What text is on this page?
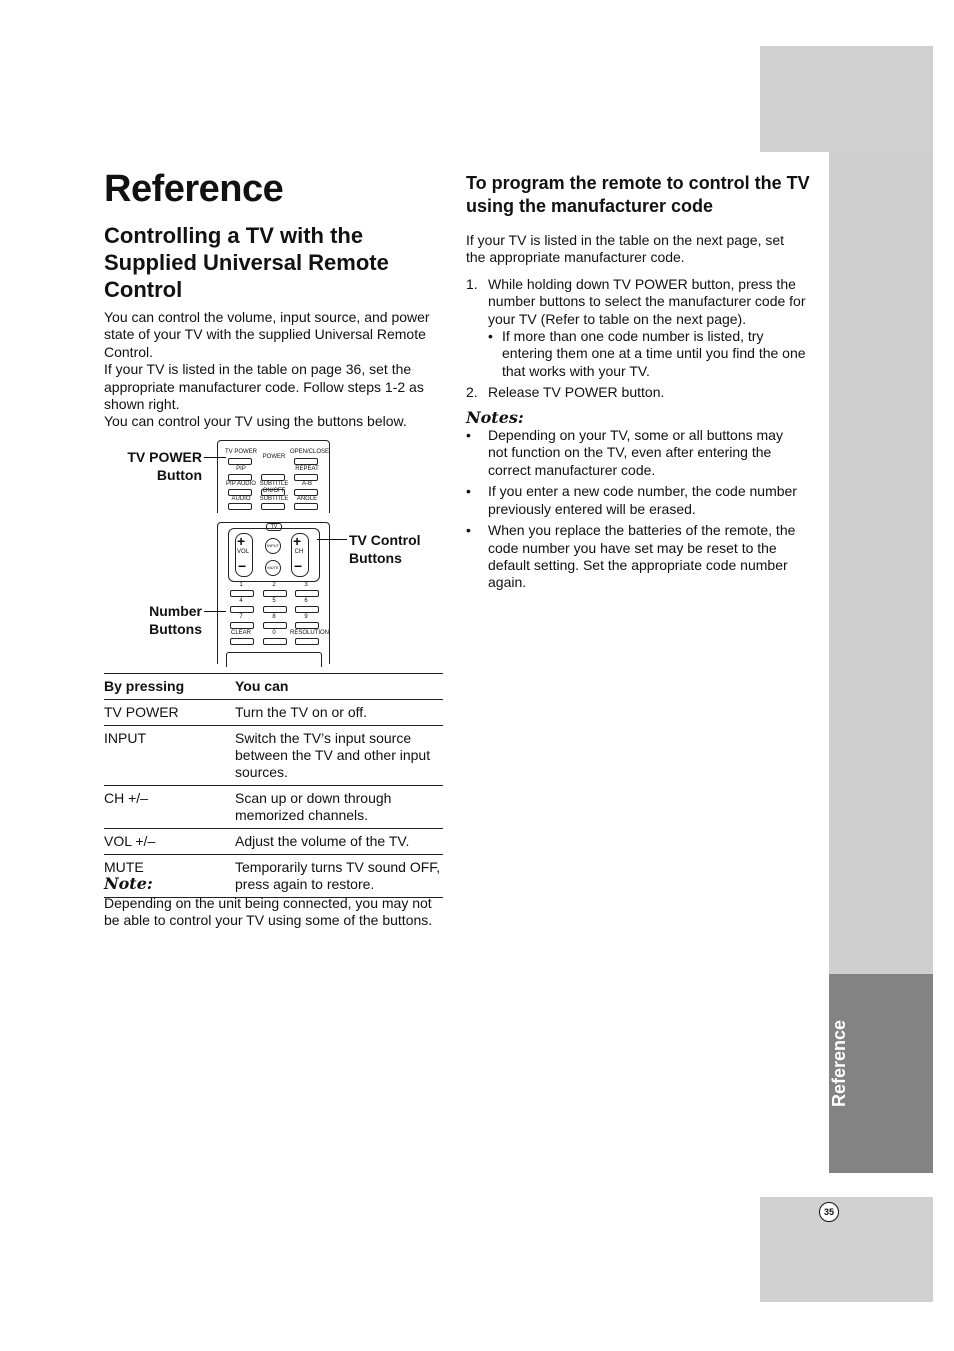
Reference
35
Reference
Controlling a TV with the Supplied Universal Remote Control
You can control the volume, input source, and power state of your TV with the supplied Universal Remote Control.
If your TV is listed in the table on page 36, set the appropriate manufacturer code. Follow steps 1-2 as shown right.
You can control your TV using the buttons below.
TV POWER Button
TV Control Buttons
Number Buttons
TV POWER
POWER
OPEN/CLOSE
PIP	REPEAT
PIP AUDIO SUBTITLE ON/OFF
A-B
AUDIO	SUBTITLE	ANGLE
TV
+
VOL
−
+
CH
−
INPUT
MUTE
1	2	3
4	5	6
7	8	9
CLEAR	0	RESOLUTION
By pressing	You can
TV POWER	Turn the TV on or off.
INPUT	Switch the TV’s input source between the TV and other input sources.
CH +/–	Scan up or down through memorized channels.
VOL +/–	Adjust the volume of the TV.
MUTE	Temporarily turns TV sound OFF, press again to restore.
Note:
Depending on the unit being connected, you may not be able to control your TV using some of the buttons.
To program the remote to control the TV using the manufacturer code
If your TV is listed in the table on the next page, set the appropriate manufacturer code.
1. While holding down TV POWER button, press the number buttons to select the manufacturer code for your TV (Refer to table on the next page).
• If more than one code number is listed, try entering them one at a time until you find the one that works with your TV.
2. Release TV POWER button.
Notes:
•	Depending on your TV, some or all buttons may not function on the TV, even after entering the correct manufacturer code.
•	If you enter a new code number, the code number previously entered will be erased.
•	When you replace the batteries of the remote, the code number you have set may be reset to the default setting. Set the appropriate code number again.
